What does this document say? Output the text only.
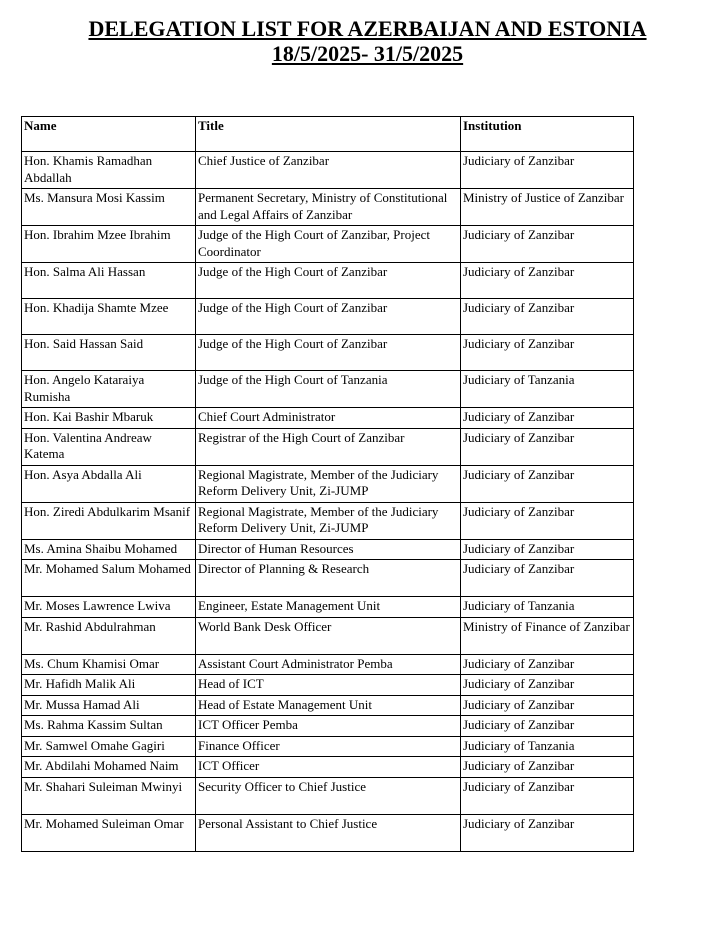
DELEGATION LIST FOR AZERBAIJAN AND ESTONIA
18/5/2025- 31/5/2025
Name	Title	Institution
Hon. Khamis Ramadhan Abdallah	Chief Justice of Zanzibar	Judiciary of Zanzibar
Ms. Mansura Mosi Kassim	Permanent Secretary, Ministry of Constitutional and Legal Affairs of Zanzibar	Ministry of Justice of Zanzibar
Hon. Ibrahim Mzee Ibrahim	Judge of the High Court of Zanzibar, Project Coordinator	Judiciary of Zanzibar
Hon. Salma Ali Hassan	Judge of the High Court of Zanzibar	Judiciary of Zanzibar
Hon. Khadija Shamte Mzee	Judge of the High Court of Zanzibar	Judiciary of Zanzibar
Hon. Said Hassan Said	Judge of the High Court of Zanzibar	Judiciary of Zanzibar
Hon. Angelo Kataraiya Rumisha	Judge of the High Court of Tanzania	Judiciary of Tanzania
Hon. Kai Bashir Mbaruk	Chief Court Administrator	Judiciary of Zanzibar
Hon. Valentina Andreaw Katema	Registrar of the High Court of Zanzibar	Judiciary of Zanzibar
Hon. Asya Abdalla Ali	Regional Magistrate, Member of the Judiciary Reform Delivery Unit, Zi-JUMP	Judiciary of Zanzibar
Hon. Ziredi Abdulkarim Msanif	Regional Magistrate, Member of the Judiciary Reform Delivery Unit, Zi-JUMP	Judiciary of Zanzibar
Ms. Amina Shaibu Mohamed	Director of Human Resources	Judiciary of Zanzibar
Mr. Mohamed Salum Mohamed	Director of Planning & Research	Judiciary of Zanzibar
Mr. Moses Lawrence Lwiva	Engineer, Estate Management Unit	Judiciary of Tanzania
Mr. Rashid Abdulrahman	World Bank Desk Officer	Ministry of Finance of Zanzibar
Ms. Chum Khamisi Omar	Assistant Court Administrator Pemba	Judiciary of Zanzibar
Mr. Hafidh Malik Ali	Head of ICT	Judiciary of Zanzibar
Mr. Mussa Hamad Ali	Head of Estate Management Unit	Judiciary of Zanzibar
Ms. Rahma Kassim Sultan	ICT Officer Pemba	Judiciary of Zanzibar
Mr. Samwel Omahe Gagiri	Finance Officer	Judiciary of Tanzania
Mr. Abdilahi Mohamed Naim	ICT Officer	Judiciary of Zanzibar
Mr. Shahari Suleiman Mwinyi	Security Officer to Chief Justice	Judiciary of Zanzibar
Mr. Mohamed Suleiman Omar	Personal Assistant to Chief Justice	Judiciary of Zanzibar
